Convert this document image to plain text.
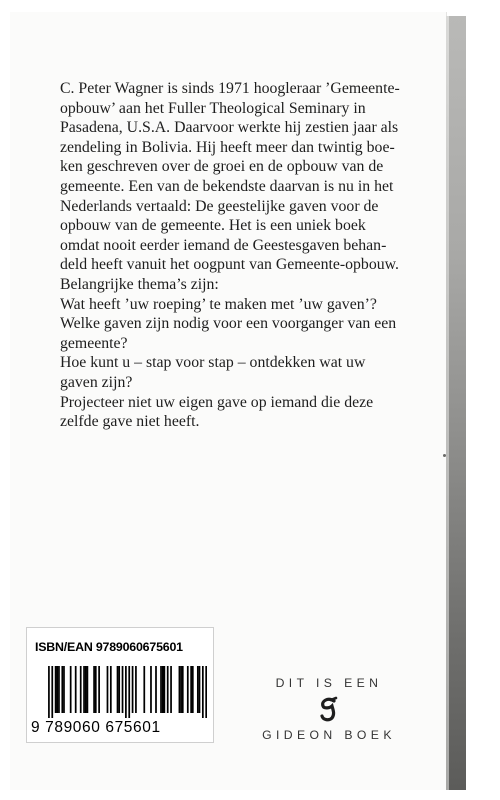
C. Peter Wagner is sinds 1971 hoogleraar ’Gemeente-
opbouw’ aan het Fuller Theological Seminary in
Pasadena, U.S.A. Daarvoor werkte hij zestien jaar als
zendeling in Bolivia. Hij heeft meer dan twintig boe-
ken geschreven over de groei en de opbouw van de
gemeente. Een van de bekendste daarvan is nu in het
Nederlands vertaald: De geestelijke gaven voor de
opbouw van de gemeente. Het is een uniek boek
omdat nooit eerder iemand de Geestesgaven behan-
deld heeft vanuit het oogpunt van Gemeente-opbouw.
Belangrijke thema’s zijn:
Wat heeft ’uw roeping’ te maken met ’uw gaven’?
Welke gaven zijn nodig voor een voorganger van een
gemeente?
Hoe kunt u – stap voor stap – ontdekken wat uw
gaven zijn?
Projecteer niet uw eigen gave op iemand die deze
zelfde gave niet heeft.
ISBN/EAN 9789060675601
9 789060 675601
DIT IS EEN
GIDEON BOEK
